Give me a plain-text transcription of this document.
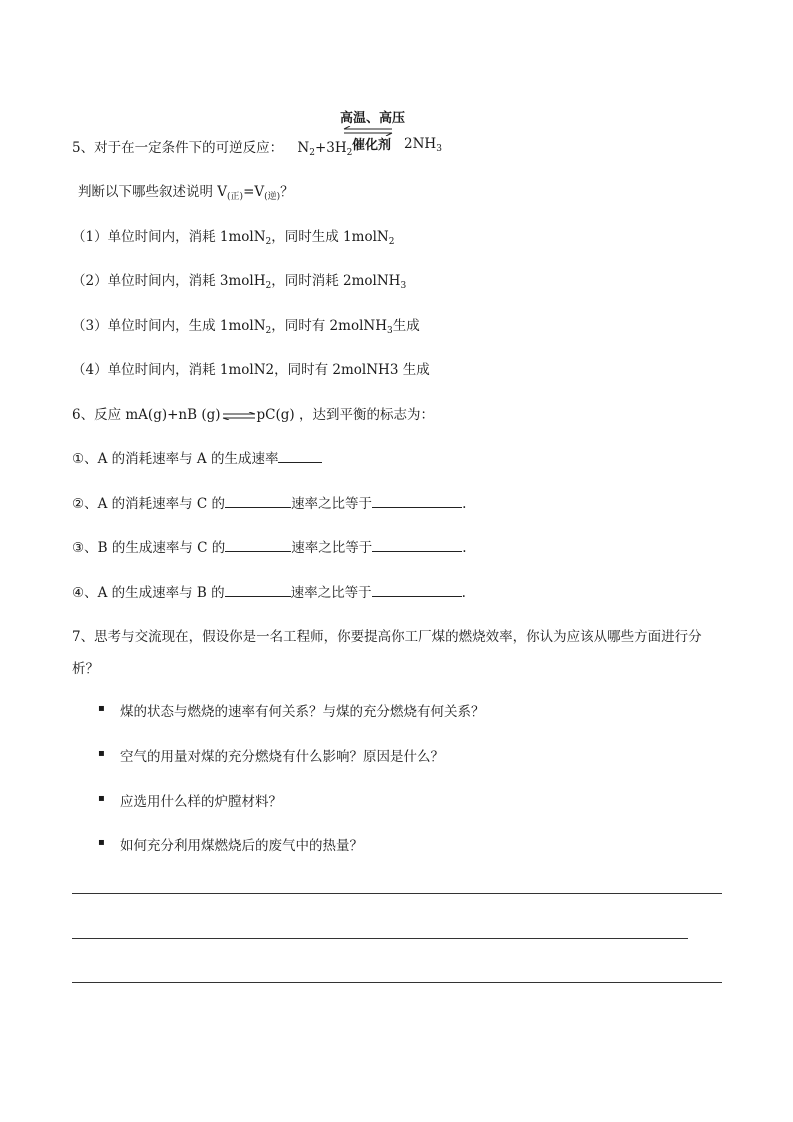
高温、高压
催化剂
5、对于在一定条件下的可逆反应： $N_2+3H_2$
$2NH_3$
判断以下哪些叙述说明 $V_{(正)}=V_{(逆)}$？
（1）单位时间内，消耗 1molN$_2$，同时生成 1molN$_2$
（2）单位时间内，消耗 3molH$_2$，同时消耗 2molNH$_3$
（3）单位时间内，生成 1molN$_2$，同时有 2molNH$_3$生成
（4）单位时间内，消耗 1molN2，同时有 2molNH3 生成
6、反应 mA(g)+nB (g)⇌pC(g) ，达到平衡的标志为：
①、A 的消耗速率与 A 的生成速率
②、A 的消耗速率与 C 的	速率之比等于	.
③、B 的生成速率与 C 的	速率之比等于	.
④、A 的生成速率与 B 的	速率之比等于	.
7、思考与交流现在，假设你是一名工程师，你要提高你工厂煤的燃烧效率，你认为应该从哪些方面进行分
析？
▪ 煤的状态与燃烧的速率有何关系？与煤的充分燃烧有何关系？
▪ 空气的用量对煤的充分燃烧有什么影响？原因是什么？
▪ 应选用什么样的炉膛材料？
▪ 如何充分利用煤燃烧后的废气中的热量？
